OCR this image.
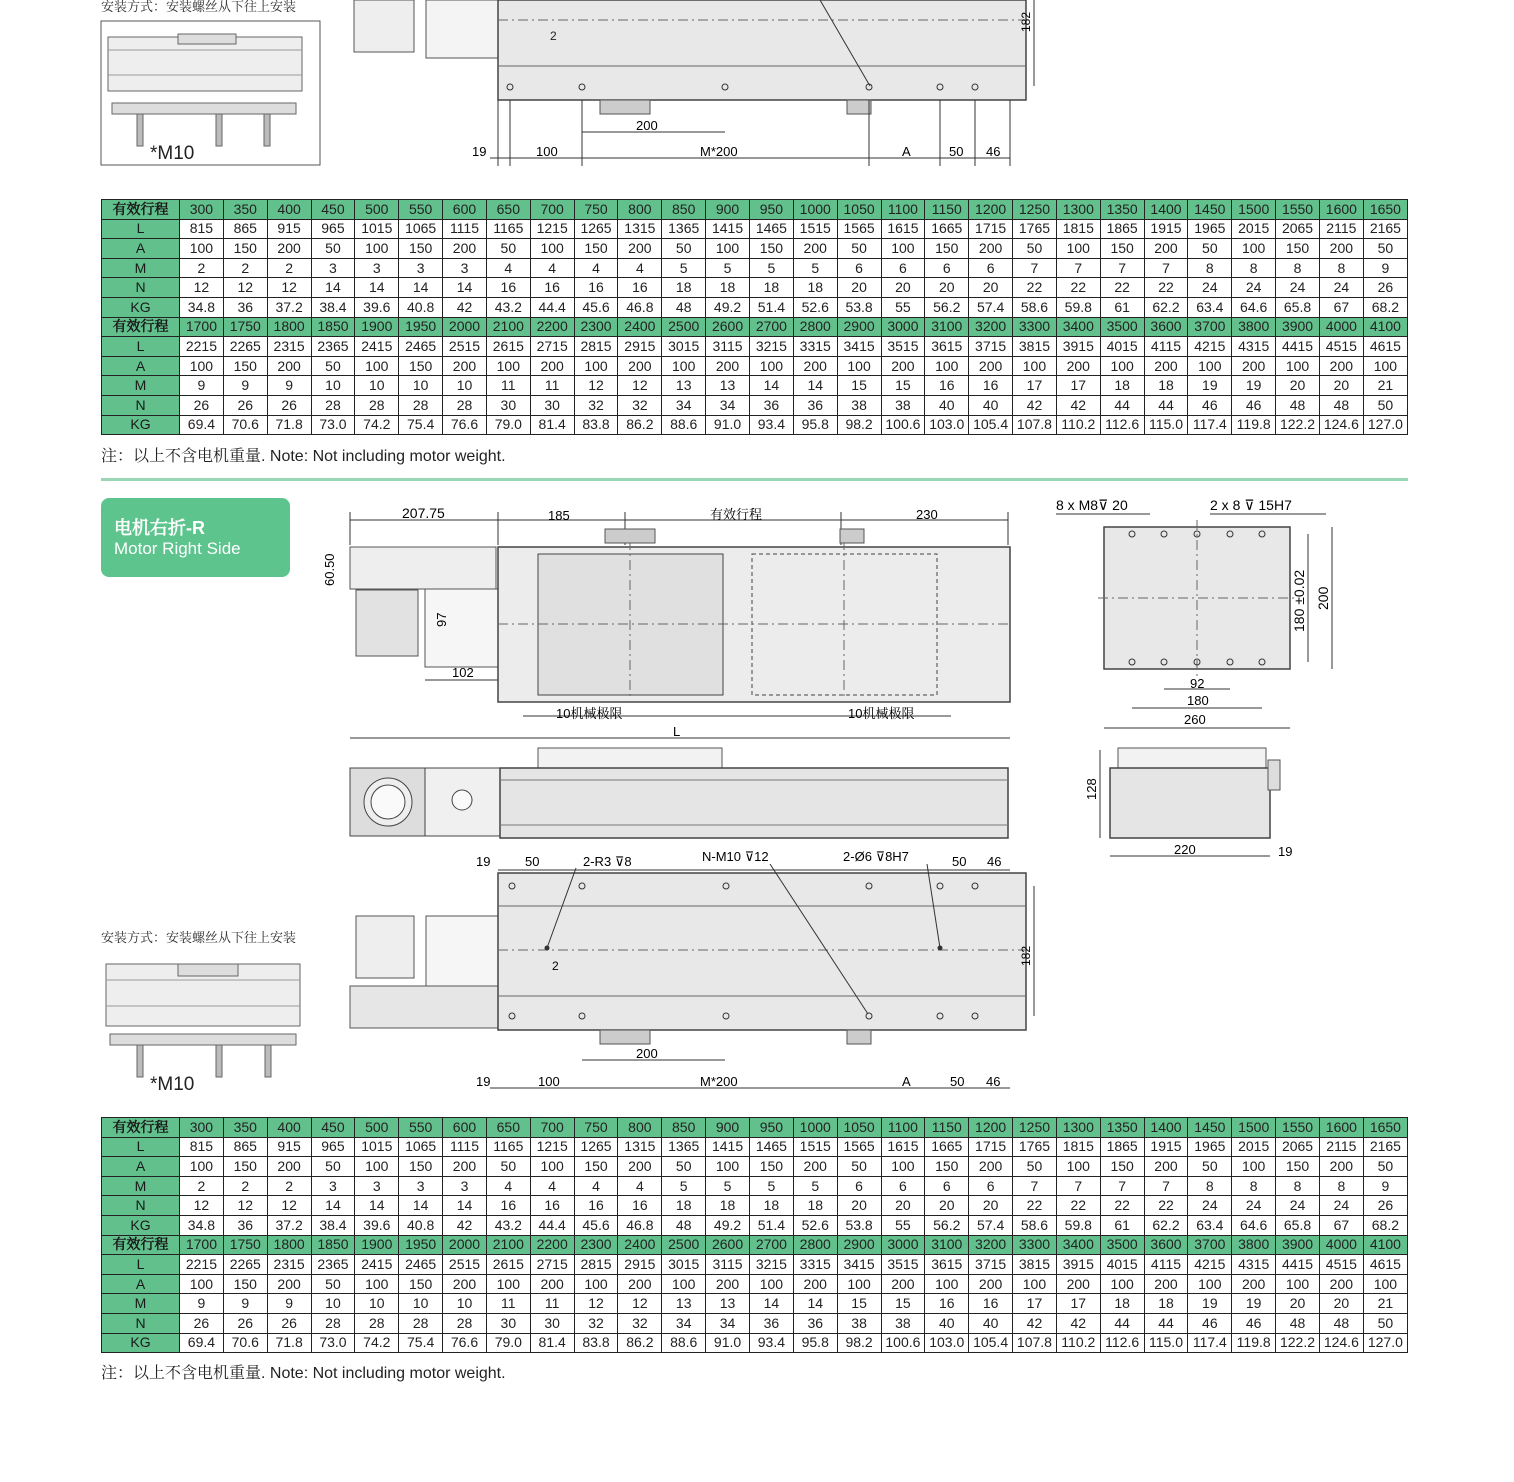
安装方式：安装螺丝从下往上安装
*M10
2
182
200
19	100	M*200	A	50 46
有效行程	300	350	400	450	500	550	600	650	700	750	800	850	900	950	1000	1050	1100	1150	1200	1250	1300	1350	1400	1450	1500	1550	1600	1650
L	815	865	915	965	1015	1065	1115	1165	1215	1265	1315	1365	1415	1465	1515	1565	1615	1665	1715	1765	1815	1865	1915	1965	2015	2065	2115	2165
A	100	150	200	50	100	150	200	50	100	150	200	50	100	150	200	50	100	150	200	50	100	150	200	50	100	150	200	50
M	2	2	2	3	3	3	3	4	4	4	4	5	5	5	5	6	6	6	6	7	7	7	7	8	8	8	8	9
N	12	12	12	14	14	14	14	16	16	16	16	18	18	18	18	20	20	20	20	22	22	22	22	24	24	24	24	26
KG	34.8	36	37.2	38.4	39.6	40.8	42	43.2	44.4	45.6	46.8	48	49.2	51.4	52.6	53.8	55	56.2	57.4	58.6	59.8	61	62.2	63.4	64.6	65.8	67	68.2
有效行程	1700	1750	1800	1850	1900	1950	2000	2100	2200	2300	2400	2500	2600	2700	2800	2900	3000	3100	3200	3300	3400	3500	3600	3700	3800	3900	4000	4100
L	2215	2265	2315	2365	2415	2465	2515	2615	2715	2815	2915	3015	3115	3215	3315	3415	3515	3615	3715	3815	3915	4015	4115	4215	4315	4415	4515	4615
A	100	150	200	50	100	150	200	100	200	100	200	100	200	100	200	100	200	100	200	100	200	100	200	100	200	100	200	100
M	9	9	9	10	10	10	10	11	11	12	12	13	13	14	14	15	15	16	16	17	17	18	18	19	19	20	20	21
N	26	26	26	28	28	28	28	30	30	32	32	34	34	36	36	38	38	40	40	42	42	44	44	46	46	48	48	50
KG	69.4	70.6	71.8	73.0	74.2	75.4	76.6	79.0	81.4	83.8	86.2	88.6	91.0	93.4	95.8	98.2	100.6	103.0	105.4	107.8	110.2	112.6	115.0	117.4	119.8	122.2	124.6	127.0
注：以上不含电机重量. Note: Not including motor weight.
电机右折-R
Motor Right Side
207.75	185	有效行程	230
60.50
97
102
10机械极限	10机械极限
L
安装方式：安装螺丝从下往上安装
*M10
19	50	2-R3 ⊽8	N-M10 ⊽12	2-Ø6 ⊽8H7	50 46
2	182
200
19	100	M*200	A	50 46
8 x M8⊽ 20	2 x 8 ⊽ 15H7
180 ±0.02 200
92
180
260
128
220	19
有效行程	300	350	400	450	500	550	600	650	700	750	800	850	900	950	1000	1050	1100	1150	1200	1250	1300	1350	1400	1450	1500	1550	1600	1650
L	815	865	915	965	1015	1065	1115	1165	1215	1265	1315	1365	1415	1465	1515	1565	1615	1665	1715	1765	1815	1865	1915	1965	2015	2065	2115	2165
A	100	150	200	50	100	150	200	50	100	150	200	50	100	150	200	50	100	150	200	50	100	150	200	50	100	150	200	50
M	2	2	2	3	3	3	3	4	4	4	4	5	5	5	5	6	6	6	6	7	7	7	7	8	8	8	8	9
N	12	12	12	14	14	14	14	16	16	16	16	18	18	18	18	20	20	20	20	22	22	22	22	24	24	24	24	26
KG	34.8	36	37.2	38.4	39.6	40.8	42	43.2	44.4	45.6	46.8	48	49.2	51.4	52.6	53.8	55	56.2	57.4	58.6	59.8	61	62.2	63.4	64.6	65.8	67	68.2
有效行程	1700	1750	1800	1850	1900	1950	2000	2100	2200	2300	2400	2500	2600	2700	2800	2900	3000	3100	3200	3300	3400	3500	3600	3700	3800	3900	4000	4100
L	2215	2265	2315	2365	2415	2465	2515	2615	2715	2815	2915	3015	3115	3215	3315	3415	3515	3615	3715	3815	3915	4015	4115	4215	4315	4415	4515	4615
A	100	150	200	50	100	150	200	100	200	100	200	100	200	100	200	100	200	100	200	100	200	100	200	100	200	100	200	100
M	9	9	9	10	10	10	10	11	11	12	12	13	13	14	14	15	15	16	16	17	17	18	18	19	19	20	20	21
N	26	26	26	28	28	28	28	30	30	32	32	34	34	36	36	38	38	40	40	42	42	44	44	46	46	48	48	50
KG	69.4	70.6	71.8	73.0	74.2	75.4	76.6	79.0	81.4	83.8	86.2	88.6	91.0	93.4	95.8	98.2	100.6	103.0	105.4	107.8	110.2	112.6	115.0	117.4	119.8	122.2	124.6	127.0
注：以上不含电机重量. Note: Not including motor weight.
